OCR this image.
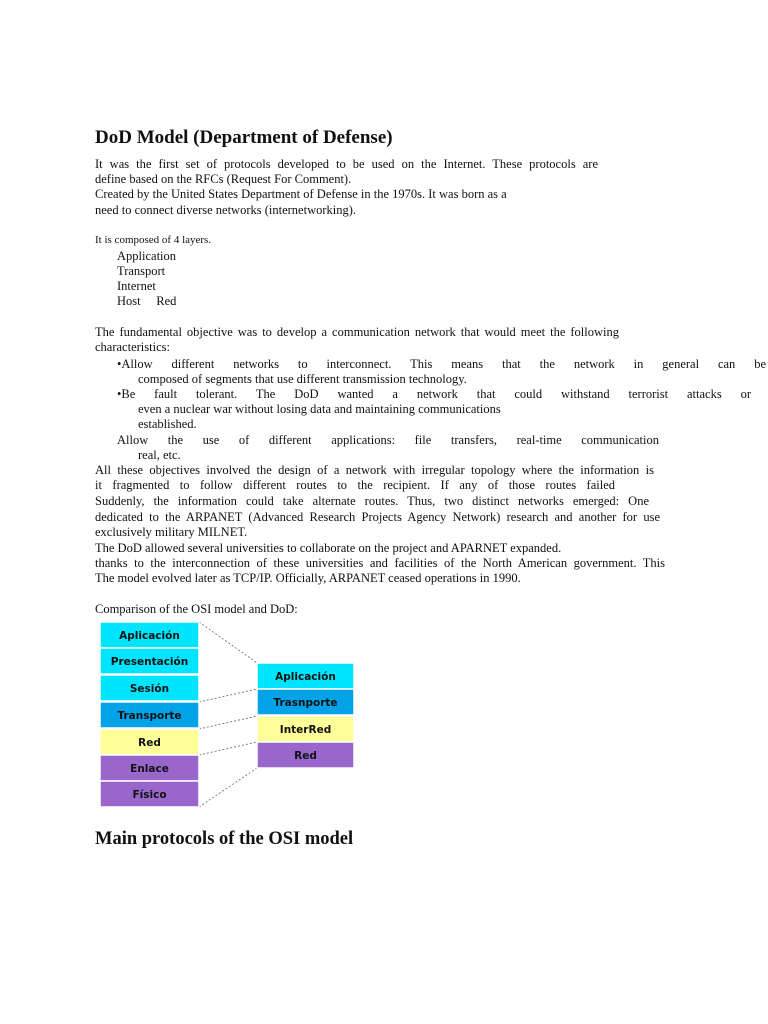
DoD Model (Department of Defense)
It was the first set of protocols developed to be used on the Internet. These protocols are
define based on the RFCs (Request For Comment).
Created by the United States Department of Defense in the 1970s. It was born as a
need to connect diverse networks (internetworking).
It is composed of 4 layers.
Application
Transport
Internet
Host     Red
The fundamental objective was to develop a communication network that would meet the following
characteristics:
•Allow different networks to interconnect. This means that the network in general can be
composed of segments that use different transmission technology.
•Be fault tolerant. The DoD wanted a network that could withstand terrorist attacks or
even a nuclear war without losing data and maintaining communications
established.
Allow the use of different applications: file transfers, real-time communication
real, etc.
All these objectives involved the design of a network with irregular topology where the information is
it fragmented to follow different routes to the recipient. If any of those routes failed
Suddenly, the information could take alternate routes. Thus, two distinct networks emerged: One
dedicated to the ARPANET (Advanced Research Projects Agency Network) research and another for use
exclusively military MILNET.
The DoD allowed several universities to collaborate on the project and APARNET expanded.
thanks to the interconnection of these universities and facilities of the North American government. This
The model evolved later as TCP/IP. Officially, ARPANET ceased operations in 1990.
Comparison of the OSI model and DoD:
Aplicación
Presentación
Sesión
Transporte
Red
Enlace
Físico
Aplicación
Trasnporte
InterRed
Red
Main protocols of the OSI model
